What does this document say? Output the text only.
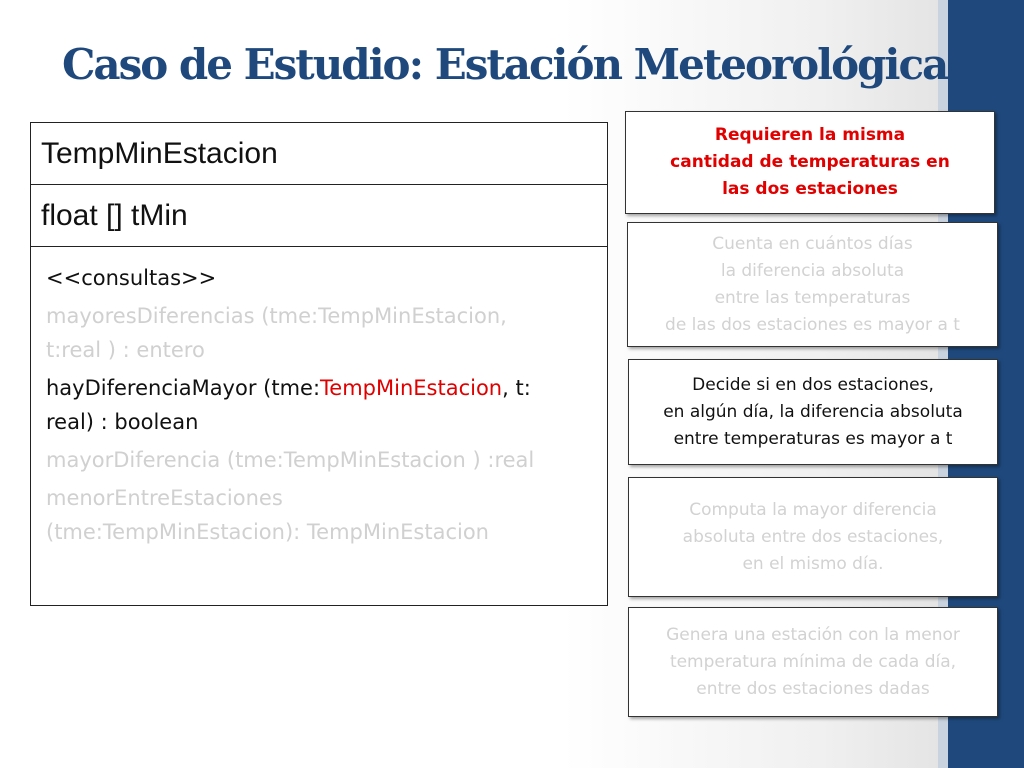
Caso de Estudio: Estación Meteorológica
TempMinEstacion
float [] tMin
<<consultas>>
mayoresDiferencias (tme:TempMinEstacion,
t:real ) : entero
hayDiferenciaMayor (tme:TempMinEstacion, t:
real) : boolean
mayorDiferencia (tme:TempMinEstacion ) :real
menorEntreEstaciones
(tme:TempMinEstacion): TempMinEstacion
Requieren la misma
cantidad de temperaturas en
las dos estaciones
Cuenta en cuántos días
la diferencia absoluta
entre las temperaturas
de las dos estaciones es mayor a t
Decide si en dos estaciones,
en algún día, la diferencia absoluta
entre temperaturas es mayor a t
Computa la mayor diferencia
absoluta entre dos estaciones,
en el mismo día.
Genera una estación con la menor
temperatura mínima de cada día,
entre dos estaciones dadas
